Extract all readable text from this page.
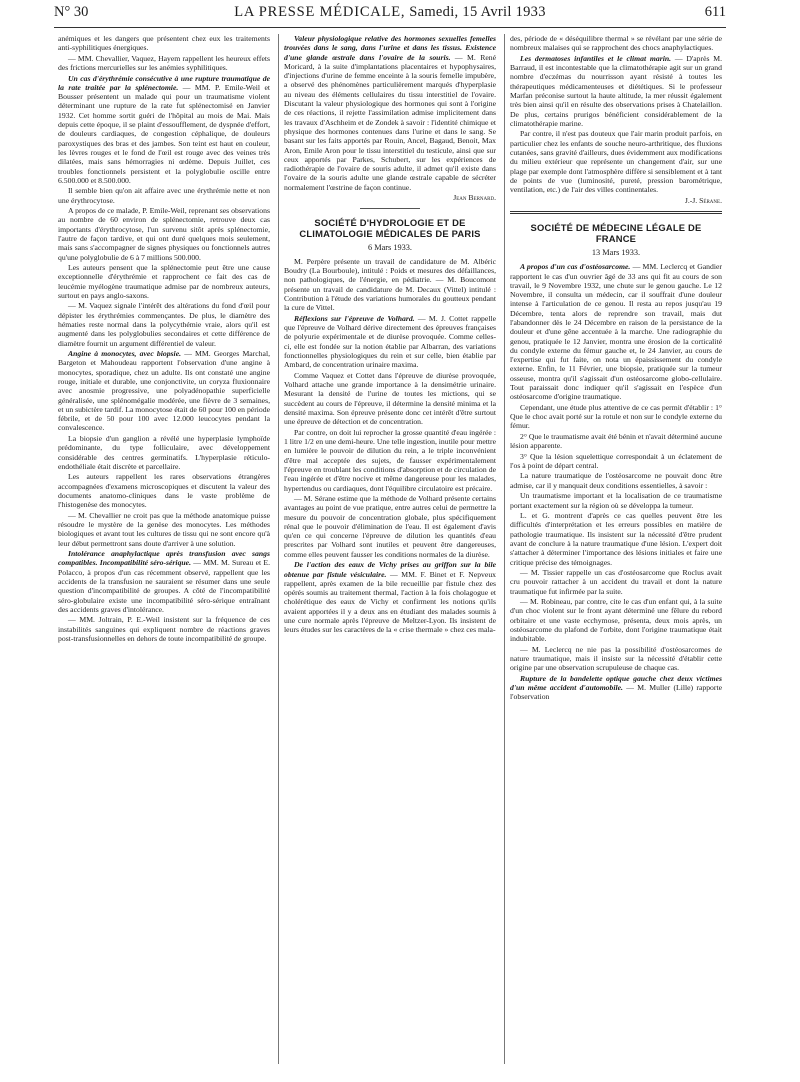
N° 30	LA PRESSE MÉDICALE, Samedi, 15 Avril 1933	611

anémiques et les dangers que présentent chez eux les traitements anti-syphilitiques énergiques.

— MM. Chevallier, Vaquez, Hayem rappellent les heureux effets des frictions mercurielles sur les anémies syphilitiques.

Un cas d'érythrémie consécutive à une rupture traumatique de la rate traitée par la splénectomie. — MM. P. Emile-Weil et Bousser présentent un malade qui pour un traumatisme violent déterminant une rupture de la rate fut splénectomisé en Janvier 1932. Cet homme sortit guéri de l'hôpital au mois de Mai. Mais depuis cette époque, il se plaint d'essoufflement, de dyspnée d'effort, de douleurs cardiaques, de congestion céphalique, de douleurs paroxystiques des bras et des jambes. Son teint est haut en couleur, les lèvres rouges et le fond de l'œil est rouge avec des veines très dilatées, mais sans hémorragies ni œdème. Depuis Juillet, ces troubles fonctionnels persistent et la polyglobulie oscille entre 6.500.000 et 8.500.000.

Il semble bien qu'on ait affaire avec une érythrémie nette et non une érythrocytose.

A propos de ce malade, P. Emile-Weil, reprenant ses observations au nombre de 60 environ de splénectomie, retrouve deux cas importants d'érythrocytose, l'un survenu sitôt après splénectomie, l'autre de façon tardive, et qui ont duré quelques mois seulement, mais sans s'accompagner de signes physiques ou fonctionnels autres qu'une polyglobulie de 6 à 7 millions 500.000.

Les auteurs pensent que la splénectomie peut être une cause exceptionnelle d'érythrémie et rapprochent ce fait des cas de leucémie myélogène traumatique admise par de nombreux auteurs, surtout en pays anglo-saxons.

— M. Vaquez signale l'intérêt des altérations du fond d'œil pour dépister les érythrémies commençantes. De plus, le diamètre des hématies reste normal dans la polycythémie vraie, alors qu'il est augmenté dans les polyglobulies secondaires et cette différence de diamètre fournit un argument différentiel de valeur.

Angine à monocytes, avec biopsie. — MM. Georges Marchal, Bargeton et Mahoudeau rapportent l'observation d'une angine à monocytes, sporadique, chez un adulte. Ils ont constaté une angine rouge, initiale et durable, une conjonctivite, un coryza fluxionnaire avec anosmie progressive, une polyadénopathie superficielle généralisée, une splénomégalie modérée, une fièvre de 3 semaines, et un subictère tardif. La monocytose était de 60 pour 100 en période fébrile, et de 50 pour 100 avec 12.000 leucocytes pendant la convalescence.

La biopsie d'un ganglion a révélé une hyperplasie lymphoïde prédominante, du type folliculaire, avec développement considérable des centres germinatifs. L'hyperplasie réticulo-endothéliale était discrète et parcellaire.

Les auteurs rappellent les rares observations étrangères accompagnées d'examens microscopiques et discutent la valeur des documents anatomo-cliniques dans le vaste problème de l'histogenèse des monocytes.

— M. Chevallier ne croit pas que la méthode anatomique puisse résoudre le mystère de la genèse des monocytes. Les méthodes biologiques et avant tout les cultures de tissu qui ne sont encore qu'à leur début permettront sans doute d'arriver à une solution.

Intolérance anaphylactique après transfusion avec sangs compatibles. Incompatibilité séro-sérique. — MM. M. Sureau et E. Polacco, à propos d'un cas récemment observé, rappellent que les accidents de la transfusion ne sauraient se résumer dans une seule question d'incompatibilité de groupes. A côté de l'incompatibilité séro-globulaire existe une incompatibilité séro-sérique entraînant des accidents graves d'intolérance.

— MM. Joltrain, P. E.-Weil insistent sur la fréquence de ces instabilités sanguines qui expliquent nombre de réactions graves post-transfusionnelles en dehors de toute incompatibilité de groupe.

Valeur physiologique relative des hormones sexuelles femelles trouvées dans le sang, dans l'urine et dans les tissus. Existence d'une glande œstrale dans l'ovaire de la souris. — M. René Moricard, à la suite d'implantations placentaires et hypophysaires, d'injections d'urine de femme enceinte à la souris femelle impubère, a observé des phénomènes particulièrement marqués d'hyperplasie au niveau des éléments cellulaires du tissu interstitiel de l'ovaire. Discutant la valeur physiologique des hormones qui sont à l'origine de ces réactions, il rejette l'assimilation admise implicitement dans les travaux d'Aschheim et de Zondek à savoir : l'identité chimique et physique des hormones contenues dans l'urine et dans le sang. Se basant sur les faits apportés par Rouin, Ancel, Bagaud, Benoit, Max Aron, Emile Aron pour le tissu interstitiel du testicule, ainsi que sur ceux apportés par Parkes, Schubert, sur les expériences de radiothérapie de l'ovaire de souris adulte, il admet qu'il existe dans l'ovaire de la souris adulte une glande œstrale capable de sécréter normalement l'œstrine de façon continue.

Jean Bernard.

SOCIÉTÉ D'HYDROLOGIE ET DE CLIMATOLOGIE MÉDICALES DE PARIS
6 Mars 1933.

M. Perpère présente un travail de candidature de M. Albéric Boudry (La Bourboule), intitulé : Poids et mesures des défaillances, non pathologiques, de l'énergie, en pédiatrie. — M. Boucomont présente un travail de candidature de M. Decaux (Vittel) intitulé : Contribution à l'étude des variations humorales du goutteux pendant la cure de Vittel.

Réflexions sur l'épreuve de Volhard. — M. J. Cottet rappelle que l'épreuve de Volhard dérive directement des épreuves françaises de polyurie expérimentale et de diurèse provoquée. Comme celles-ci, elle est fondée sur la notion établie par Albarran, des variations fonctionnelles physiologiques du rein et sur celle, bien établie par Ambard, de concentration urinaire maxima.

Comme Vaquez et Cottet dans l'épreuve de diurèse provoquée, Volhard attache une grande importance à la densimétrie urinaire. Mesurant la densité de l'urine de toutes les mictions, qui se succèdent au cours de l'épreuve, il détermine la densité minima et la densité maxima. Son épreuve présente donc cet intérêt d'être surtout une épreuve de détection et de concentration.

Par contre, on doit lui reprocher la grosse quantité d'eau ingérée : 1 litre 1/2 en une demi-heure. Une telle ingestion, inutile pour mettre en lumière le pouvoir de dilution du rein, a le triple inconvénient d'être mal acceptée des sujets, de fausser expérimentalement l'épreuve en troublant les conditions d'absorption et de circulation de l'eau ingérée et d'être nocive et même dangereuse pour les malades, hypertendus ou cardiaques, dont l'équilibre circulatoire est précaire.

— M. Sérane estime que la méthode de Volhard présente certains avantages au point de vue pratique, entre autres celui de permettre la mesure du pouvoir de concentration globale, plus spécifiquement rénal que le pouvoir d'élimination de l'eau. Il est également d'avis qu'en ce qui concerne l'épreuve de dilution les quantités d'eau prescrites par Volhard sont inutiles et peuvent être dangereuses, comme elles peuvent fausser les conditions normales de la diurèse.

De l'action des eaux de Vichy prises au griffon sur la bile obtenue par fistule vésiculaire. — MM. F. Binet et F. Nepveux rappellent, après examen de la bile recueillie par fistule chez des opérés soumis au traitement thermal, l'action à la fois cholagogue et cholérétique des eaux de Vichy et confirment les notions qu'ils avaient apportées il y a deux ans en étudiant des malades soumis à une cure normale après l'épreuve de Meltzer-Lyon. Ils insistent de leurs études sur les caractères de la « crise thermale » chez ces mala-

des, période de « déséquilibre thermal » se révélant par une série de nombreux malaises qui se rapprochent des chocs anaphylactiques.

Les dermatoses infantiles et le climat marin. — D'après M. Barraud, il est incontestable que la climatothérapie agit sur un grand nombre d'eczémas du nourrisson ayant résisté à toutes les thérapeutiques médicamenteuses et diététiques. Si le professeur Marfan préconise surtout la haute altitude, la mer réussit également très bien ainsi qu'il en résulte des observations prises à Chatelaillon. De plus, certains prurigos bénéficient considérablement de la climatothérapie marine.

Par contre, il n'est pas douteux que l'air marin produit parfois, en particulier chez les enfants de souche neuro-arthritique, des fluxions cutanées, sans gravité d'ailleurs, dues évidemment aux modifications du milieu extérieur que représente un changement d'air, sur une plage par exemple dont l'atmosphère diffère si sensiblement et à tant de points de vue (luminosité, pureté, pression barométrique, ventilation, etc.) de l'air des villes continentales.

J.-J. Sérane.

SOCIÉTÉ DE MÉDECINE LÉGALE DE FRANCE
13 Mars 1933.

A propos d'un cas d'ostéosarcome. — MM. Leclercq et Gandier rapportent le cas d'un ouvrier âgé de 33 ans qui fit au cours de son travail, le 9 Novembre 1932, une chute sur le genou gauche. Le 12 Novembre, il consulta un médecin, car il souffrait d'une douleur intense à l'articulation de ce genou. Il resta au repos jusqu'au 19 Décembre, tenta alors de reprendre son travail, mais dut l'abandonner dès le 24 Décembre en raison de la persistance de la douleur et d'une gêne accentuée à la marche. Une radiographie du genou, pratiquée le 12 Janvier, montra une érosion de la corticalité du condyle externe du fémur gauche et, le 24 Janvier, au cours de l'expertise qui fut faite, on nota un épaississement du condyle externe. Enfin, le 11 Février, une biopsie, pratiquée sur la tumeur osseuse, montra qu'il s'agissait d'un ostéosarcome globo-cellulaire. Tout paraissait donc indiquer qu'il s'agissait en l'espèce d'un ostéosarcome d'origine traumatique.

Cependant, une étude plus attentive de ce cas permit d'établir : 1° Que le choc avait porté sur la rotule et non sur le condyle externe du fémur.

2° Que le traumatisme avait été bénin et n'avait déterminé aucune lésion apparente.

3° Que la lésion squelettique correspondait à un éclatement de l'os à point de départ central.

La nature traumatique de l'ostéosarcome ne pouvait donc être admise, car il y manquait deux conditions essentielles, à savoir :

Un traumatisme important et la localisation de ce traumatisme portant exactement sur la région où se développa la tumeur.

L. et G. montrent d'après ce cas quelles peuvent être les difficultés d'interprétation et les erreurs possibles en matière de pathologie traumatique. Ils insistent sur la nécessité d'être prudent avant de conclure à la nature traumatique d'une lésion. L'expert doit s'attacher à déterminer l'importance des lésions initiales et faire une critique précise des témoignages.

— M. Tissier rappelle un cas d'ostéosarcome que Roclus avait cru pouvoir rattacher à un accident du travail et dont la nature traumatique fut infirmée par la suite.

— M. Robineau, par contre, cite le cas d'un enfant qui, à la suite d'un choc violent sur le front ayant déterminé une fêlure du rebord orbitaire et une vaste ecchymose, présenta, deux mois après, un ostéosarcome du plafond de l'orbite, dont l'origine traumatique était indubitable.

— M. Leclercq ne nie pas la possibilité d'ostéosarcomes de nature traumatique, mais il insiste sur la nécessité d'établir cette origine par une observation scrupuleuse de chaque cas.

Rupture de la bandelette optique gauche chez deux victimes d'un même accident d'automobile. — M. Muller (Lille) rapporte l'observation
